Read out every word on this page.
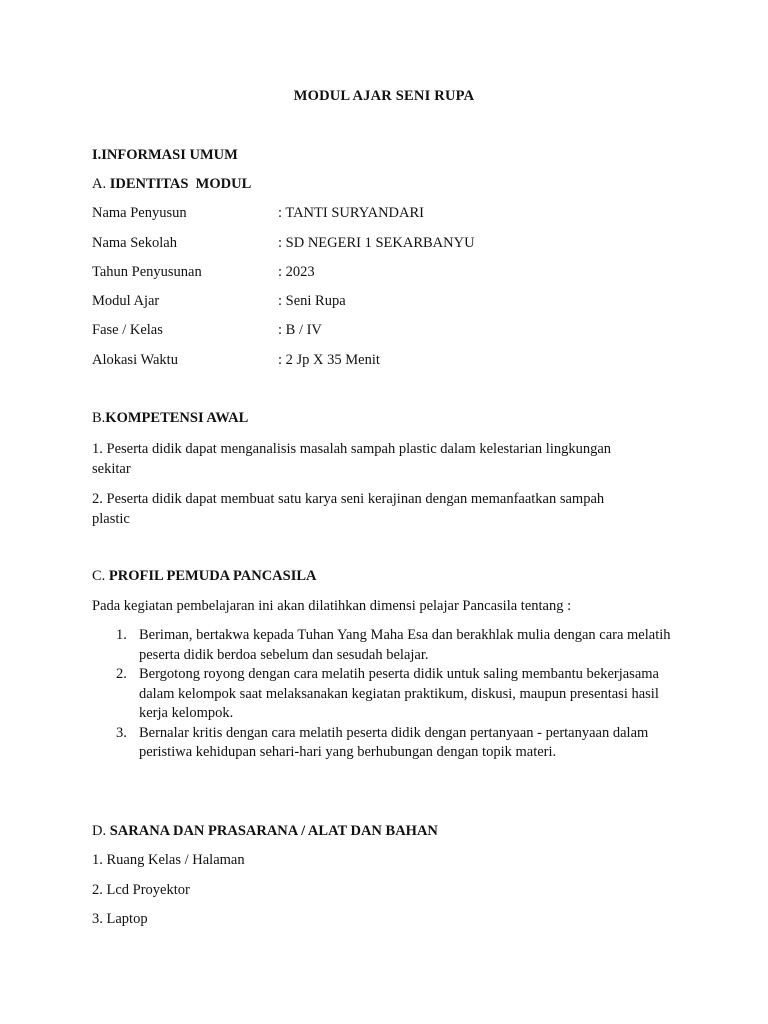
MODUL AJAR SENI RUPA
I.INFORMASI UMUM
A. IDENTITAS  MODUL
Nama Penyusun	: TANTI SURYANDARI
Nama Sekolah	: SD NEGERI 1 SEKARBANYU
Tahun Penyusunan	: 2023
Modul Ajar	: Seni Rupa
Fase / Kelas	: B / IV
Alokasi Waktu	: 2 Jp X 35 Menit
B.KOMPETENSI AWAL
1. Peserta didik dapat menganalisis masalah sampah plastic dalam kelestarian lingkungan sekitar
2. Peserta didik dapat membuat satu karya seni kerajinan dengan memanfaatkan sampah plastic
C. PROFIL PEMUDA PANCASILA
Pada kegiatan pembelajaran ini akan dilatihkan dimensi pelajar Pancasila tentang :
1. Beriman, bertakwa kepada Tuhan Yang Maha Esa dan berakhlak mulia dengan cara melatih peserta didik berdoa sebelum dan sesudah belajar.
2. Bergotong royong dengan cara melatih peserta didik untuk saling membantu bekerjasama dalam kelompok saat melaksanakan kegiatan praktikum, diskusi, maupun presentasi hasil kerja kelompok.
3. Bernalar kritis dengan cara melatih peserta didik dengan pertanyaan - pertanyaan dalam peristiwa kehidupan sehari-hari yang berhubungan dengan topik materi.
D. SARANA DAN PRASARANA / ALAT DAN BAHAN
1. Ruang Kelas / Halaman
2. Lcd Proyektor
3. Laptop
